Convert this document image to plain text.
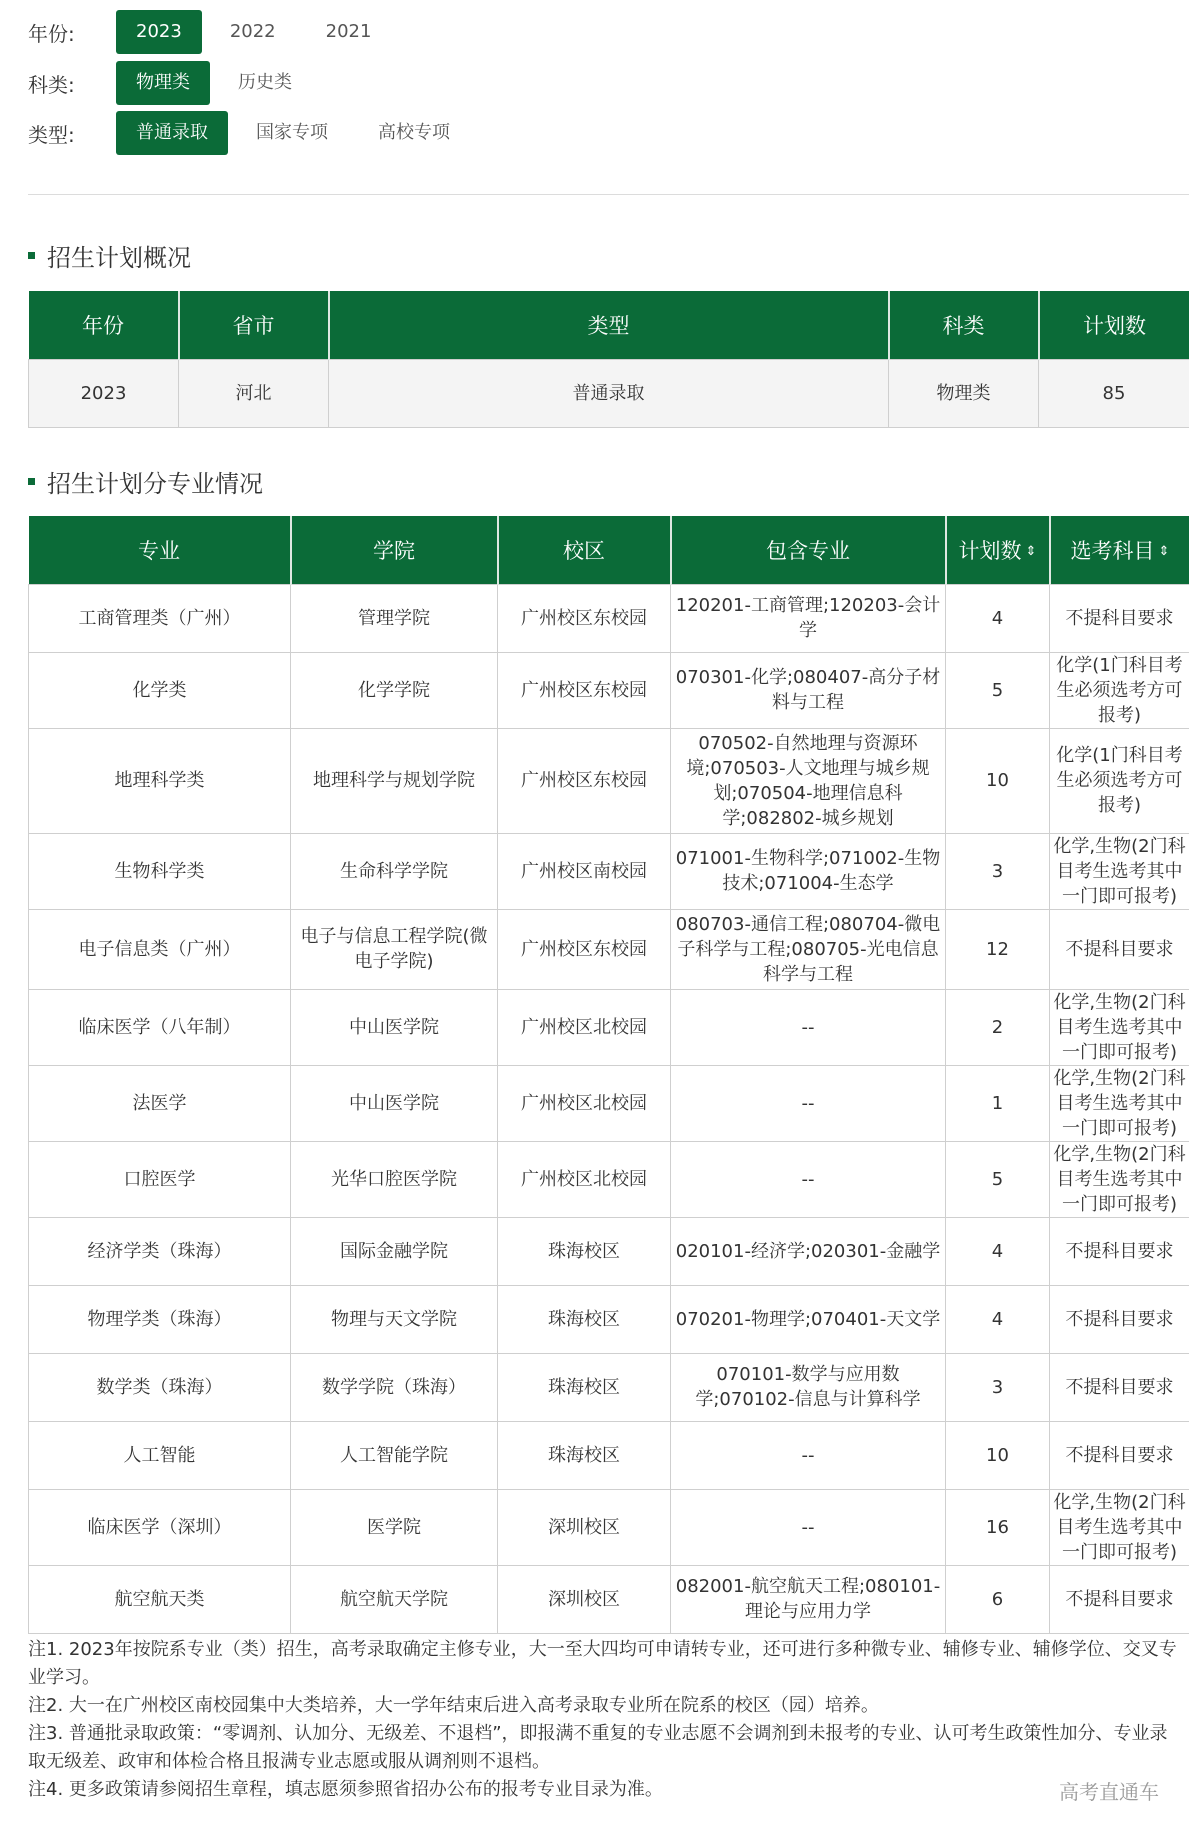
年份:	2023	2022	2021
科类:	物理类	历史类
类型:	普通录取	国家专项	高校专项
招生计划概况
年份	省市	类型	科类	计划数
2023	河北	普通录取	物理类	85
招生计划分专业情况
专业	学院	校区	包含专业	计划数 ⇕	选考科目 ⇕
工商管理类（广州）	管理学院	广州校区东校园	120201-工商管理;120203-会计学	4	不提科目要求
化学类	化学学院	广州校区东校园	070301-化学;080407-高分子材料与工程	5	化学(1门科目考生必须选考方可报考)
地理科学类	地理科学与规划学院	广州校区东校园	070502-自然地理与资源环境;070503-人文地理与城乡规划;070504-地理信息科学;082802-城乡规划	10	化学(1门科目考生必须选考方可报考)
生物科学类	生命科学学院	广州校区南校园	071001-生物科学;071002-生物技术;071004-生态学	3	化学,生物(2门科目考生选考其中一门即可报考)
电子信息类（广州）	电子与信息工程学院(微电子学院)	广州校区东校园	080703-通信工程;080704-微电子科学与工程;080705-光电信息科学与工程	12	不提科目要求
临床医学（八年制）	中山医学院	广州校区北校园	--	2	化学,生物(2门科目考生选考其中一门即可报考)
法医学	中山医学院	广州校区北校园	--	1	化学,生物(2门科目考生选考其中一门即可报考)
口腔医学	光华口腔医学院	广州校区北校园	--	5	化学,生物(2门科目考生选考其中一门即可报考)
经济学类（珠海）	国际金融学院	珠海校区	020101-经济学;020301-金融学	4	不提科目要求
物理学类（珠海）	物理与天文学院	珠海校区	070201-物理学;070401-天文学	4	不提科目要求
数学类（珠海）	数学学院（珠海）	珠海校区	070101-数学与应用数学;070102-信息与计算科学	3	不提科目要求
人工智能	人工智能学院	珠海校区	--	10	不提科目要求
临床医学（深圳）	医学院	深圳校区	--	16	化学,生物(2门科目考生选考其中一门即可报考)
航空航天类	航空航天学院	深圳校区	082001-航空航天工程;080101-理论与应用力学	6	不提科目要求

注1. 2023年按院系专业（类）招生，高考录取确定主修专业，大一至大四均可申请转专业，还可进行多种微专业、辅修专业、辅修学位、交叉专业学习。

注2. 大一在广州校区南校园集中大类培养，大一学年结束后进入高考录取专业所在院系的校区（园）培养。

注3. 普通批录取政策：“零调剂、认加分、无级差、不退档”，即报满不重复的专业志愿不会调剂到未报考的专业、认可考生政策性加分、专业录取无级差、政审和体检合格且报满专业志愿或服从调剂则不退档。

注4. 更多政策请参阅招生章程，填志愿须参照省招办公布的报考专业目录为准。	高考直通车
